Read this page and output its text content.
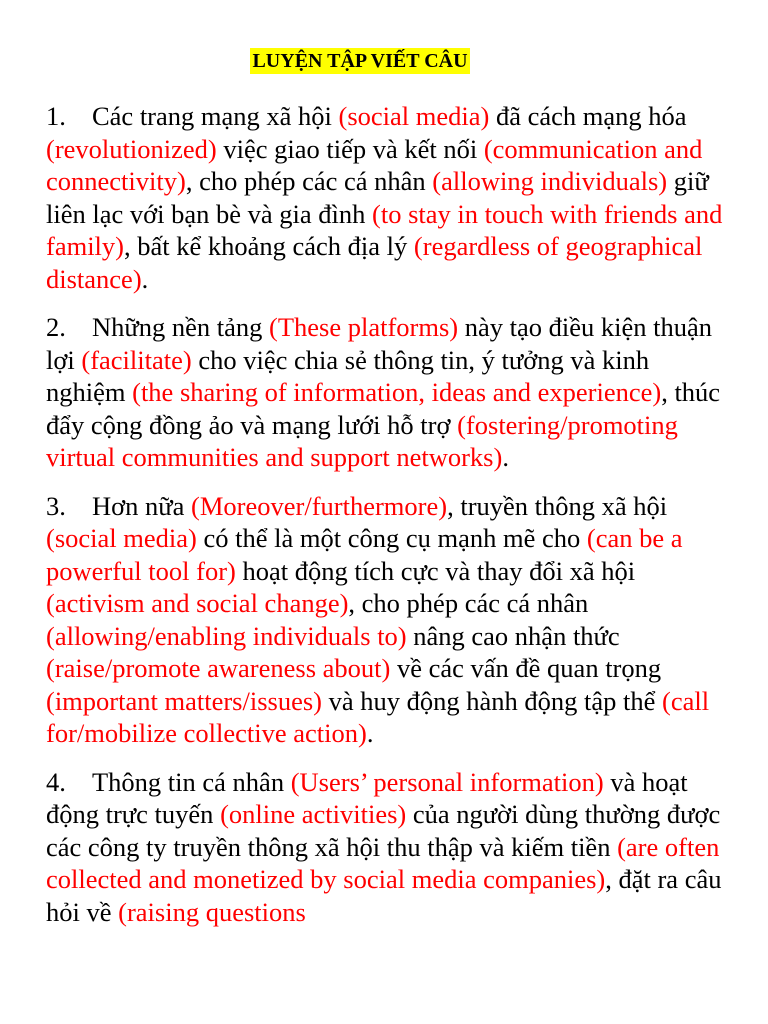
LUYỆN TẬP VIẾT CÂU

1. Các trang mạng xã hội (social media) đã cách mạng hóa (revolutionized) việc giao tiếp và kết nối (communication and connectivity), cho phép các cá nhân (allowing individuals) giữ liên lạc với bạn bè và gia đình (to stay in touch with friends and family), bất kể khoảng cách địa lý (regardless of geographical distance).

2. Những nền tảng (These platforms) này tạo điều kiện thuận lợi (facilitate) cho việc chia sẻ thông tin, ý tưởng và kinh nghiệm (the sharing of information, ideas and experience), thúc đẩy cộng đồng ảo và mạng lưới hỗ trợ (fostering/promoting virtual communities and support networks).

3. Hơn nữa (Moreover/furthermore), truyền thông xã hội (social media) có thể là một công cụ mạnh mẽ cho (can be a powerful tool for) hoạt động tích cực và thay đổi xã hội (activism and social change), cho phép các cá nhân (allowing/enabling individuals to) nâng cao nhận thức (raise/promote awareness about) về các vấn đề quan trọng (important matters/issues) và huy động hành động tập thể (call for/mobilize collective action).

4. Thông tin cá nhân (Users’ personal information) và hoạt động trực tuyến (online activities) của người dùng thường được các công ty truyền thông xã hội thu thập và kiếm tiền (are often collected and monetized by social media companies), đặt ra câu hỏi về (raising questions
